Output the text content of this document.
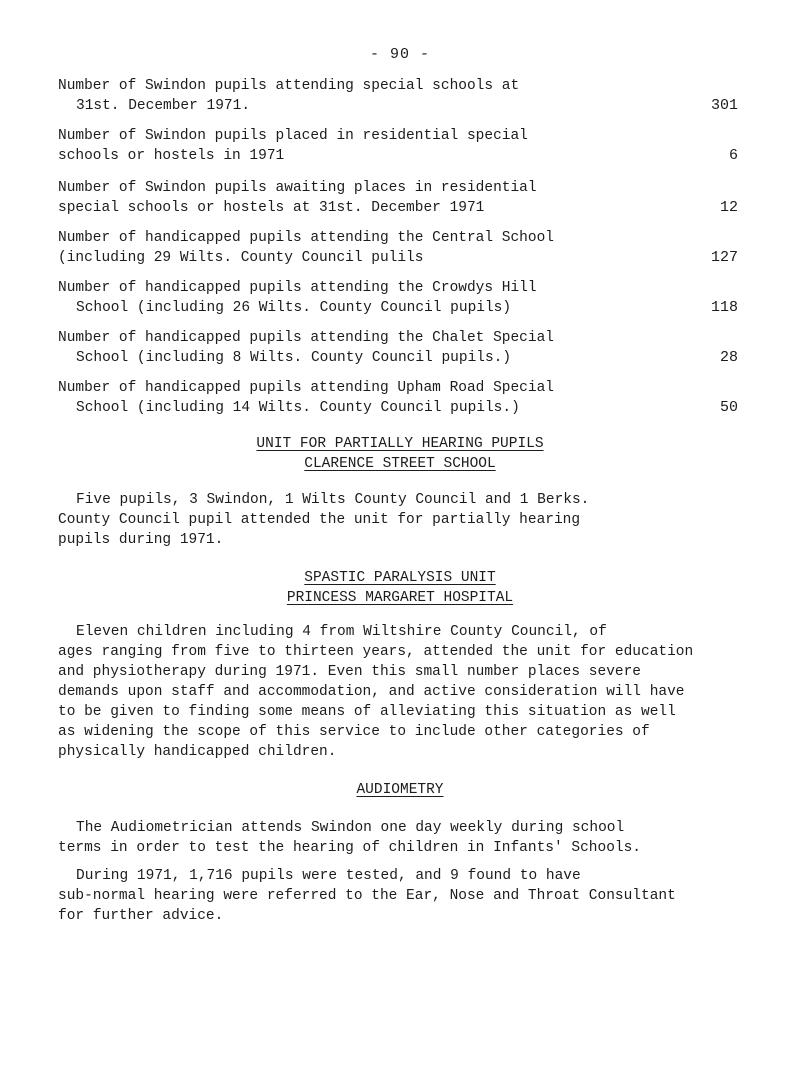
- 90 -
Number of Swindon pupils attending special schools at
31st. December 1971.	301
Number of Swindon pupils placed in residential special
schools or hostels in 1971	6
Number of Swindon pupils awaiting places in residential
special schools or hostels at 31st. December 1971	12
Number of handicapped pupils attending the Central School
(including 29 Wilts. County Council pulils	127
Number of handicapped pupils attending the Crowdys Hill
School (including 26 Wilts. County Council pupils)	118
Number of handicapped pupils attending the Chalet Special
School (including 8 Wilts. County Council pupils.)	28
Number of handicapped pupils attending Upham Road Special
School (including 14 Wilts. County Council pupils.)	50
UNIT FOR PARTIALLY HEARING PUPILS
CLARENCE STREET SCHOOL
Five pupils, 3 Swindon, 1 Wilts County Council and 1 Berks.
County Council pupil attended the unit for partially hearing
pupils during 1971.
SPASTIC PARALYSIS UNIT
PRINCESS MARGARET HOSPITAL
Eleven children including 4 from Wiltshire County Council, of
ages ranging from five to thirteen years, attended the unit for education
and physiotherapy during 1971. Even this small number places severe
demands upon staff and accommodation, and active consideration will have
to be given to finding some means of alleviating this situation as well
as widening the scope of this service to include other categories of
physically handicapped children.
AUDIOMETRY
The Audiometrician attends Swindon one day weekly during school
terms in order to test the hearing of children in Infants' Schools.
During 1971, 1,716 pupils were tested, and 9 found to have
sub-normal hearing were referred to the Ear, Nose and Throat Consultant
for further advice.
